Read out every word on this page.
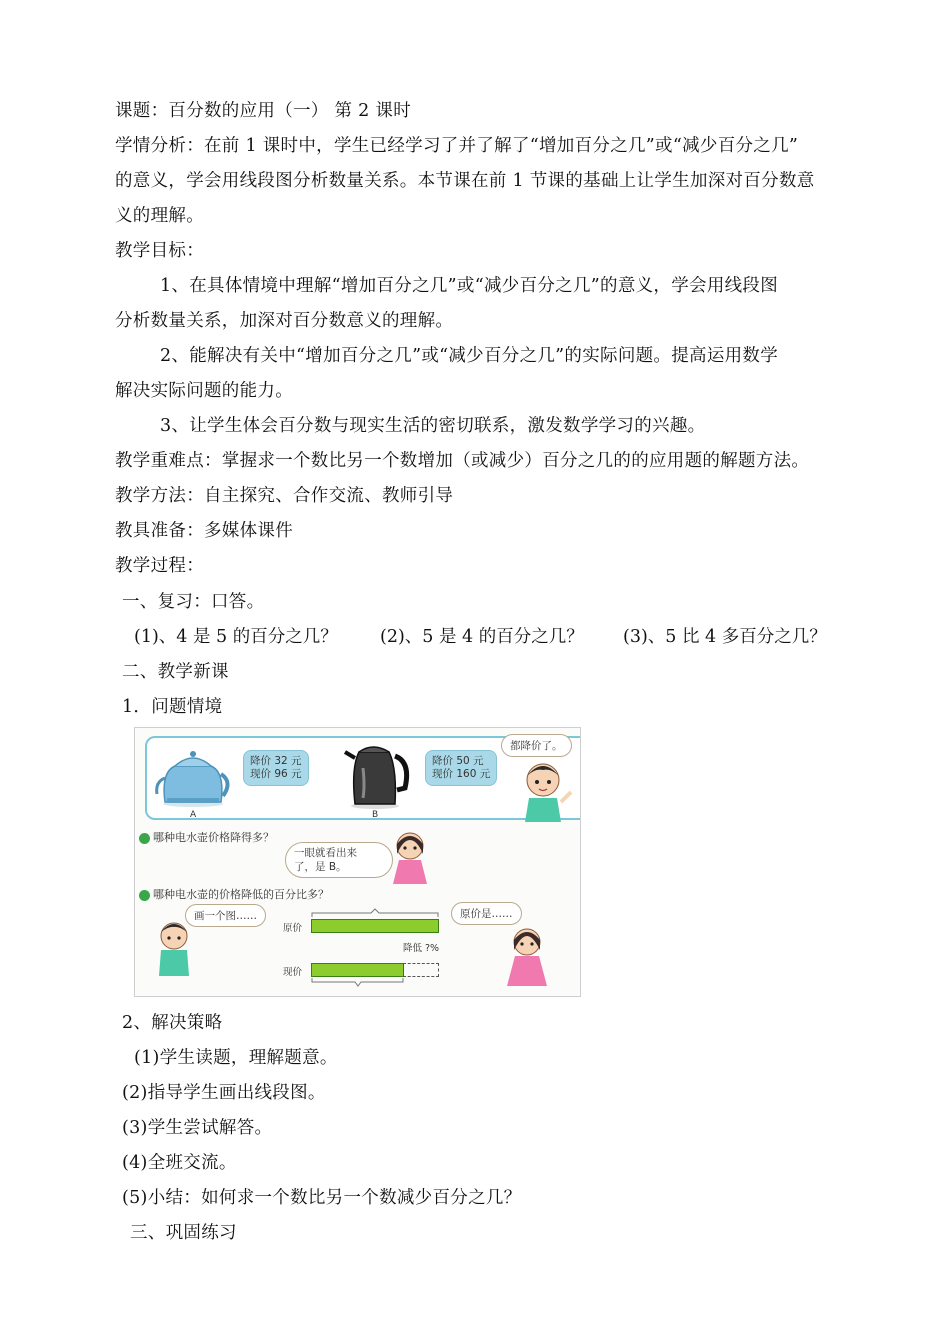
课题：百分数的应用（一） 第 2 课时
学情分析：在前 1 课时中，学生已经学习了并了解了“增加百分之几”或“减少百分之几”
的意义，学会用线段图分析数量关系。本节课在前 1 节课的基础上让学生加深对百分数意
义的理解。
教学目标：
1、在具体情境中理解“增加百分之几”或“减少百分之几”的意义，学会用线段图
分析数量关系，加深对百分数意义的理解。
2、能解决有关中“增加百分之几”或“减少百分之几”的实际问题。提高运用数学
解决实际问题的能力。
3、让学生体会百分数与现实生活的密切联系，激发数学学习的兴趣。
教学重难点：掌握求一个数比另一个数增加（或减少）百分之几的的应用题的解题方法。
教学方法：自主探究、合作交流、教师引导
教具准备：多媒体课件
教学过程：
一、复习：口答。
(1)、4 是 5 的百分之几？ (2)、5 是 4 的百分之几？ (3)、5 比 4 多百分之几？
二、教学新课
1．问题情境
A
降价 32 元
现价 96 元
B
降价 50 元
现价 160 元
都降价了。
哪种电水壶价格降得多？
一眼就看出来
了，是 B。
哪种电水壶的价格降低的百分比多？
画一个图……	原价是……
原价
现价
降低 ?%
2、解决策略
(1)学生读题，理解题意。
(2)指导学生画出线段图。
(3)学生尝试解答。
(4)全班交流。
(5)小结：如何求一个数比另一个数减少百分之几？
三、巩固练习
